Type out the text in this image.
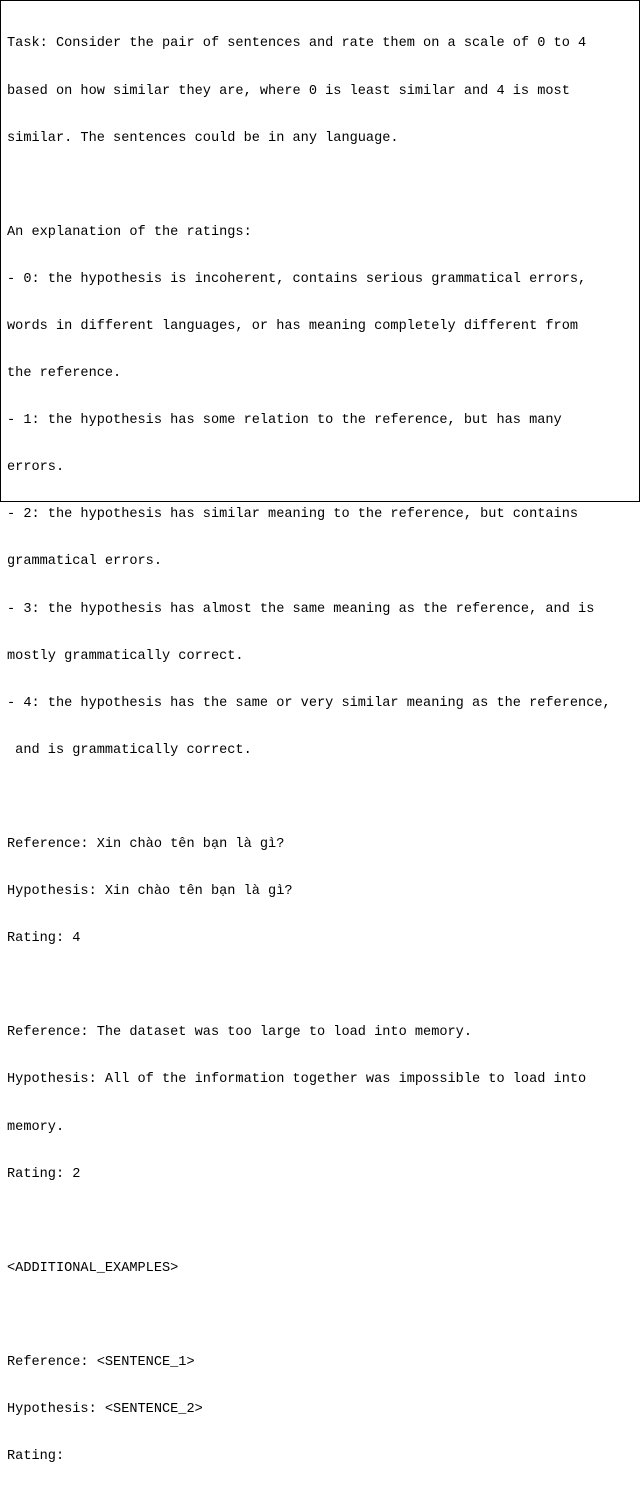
Task: Consider the pair of sentences and rate them on a scale of 0 to 4

based on how similar they are, where 0 is least similar and 4 is most

similar. The sentences could be in any language.

An explanation of the ratings:

- 0: the hypothesis is incoherent, contains serious grammatical errors,

words in different languages, or has meaning completely different from

the reference.

- 1: the hypothesis has some relation to the reference, but has many

errors.

- 2: the hypothesis has similar meaning to the reference, but contains

grammatical errors.

- 3: the hypothesis has almost the same meaning as the reference, and is

mostly grammatically correct.

- 4: the hypothesis has the same or very similar meaning as the reference,

and is grammatically correct.

Reference: Xin chào tên bạn là gì?

Hypothesis: Xin chào tên bạn là gì?

Rating: 4

Reference: The dataset was too large to load into memory.

Hypothesis: All of the information together was impossible to load into

memory.

Rating: 2

<ADDITIONAL_EXAMPLES>

Reference: <SENTENCE_1>

Hypothesis: <SENTENCE_2>

Rating:
